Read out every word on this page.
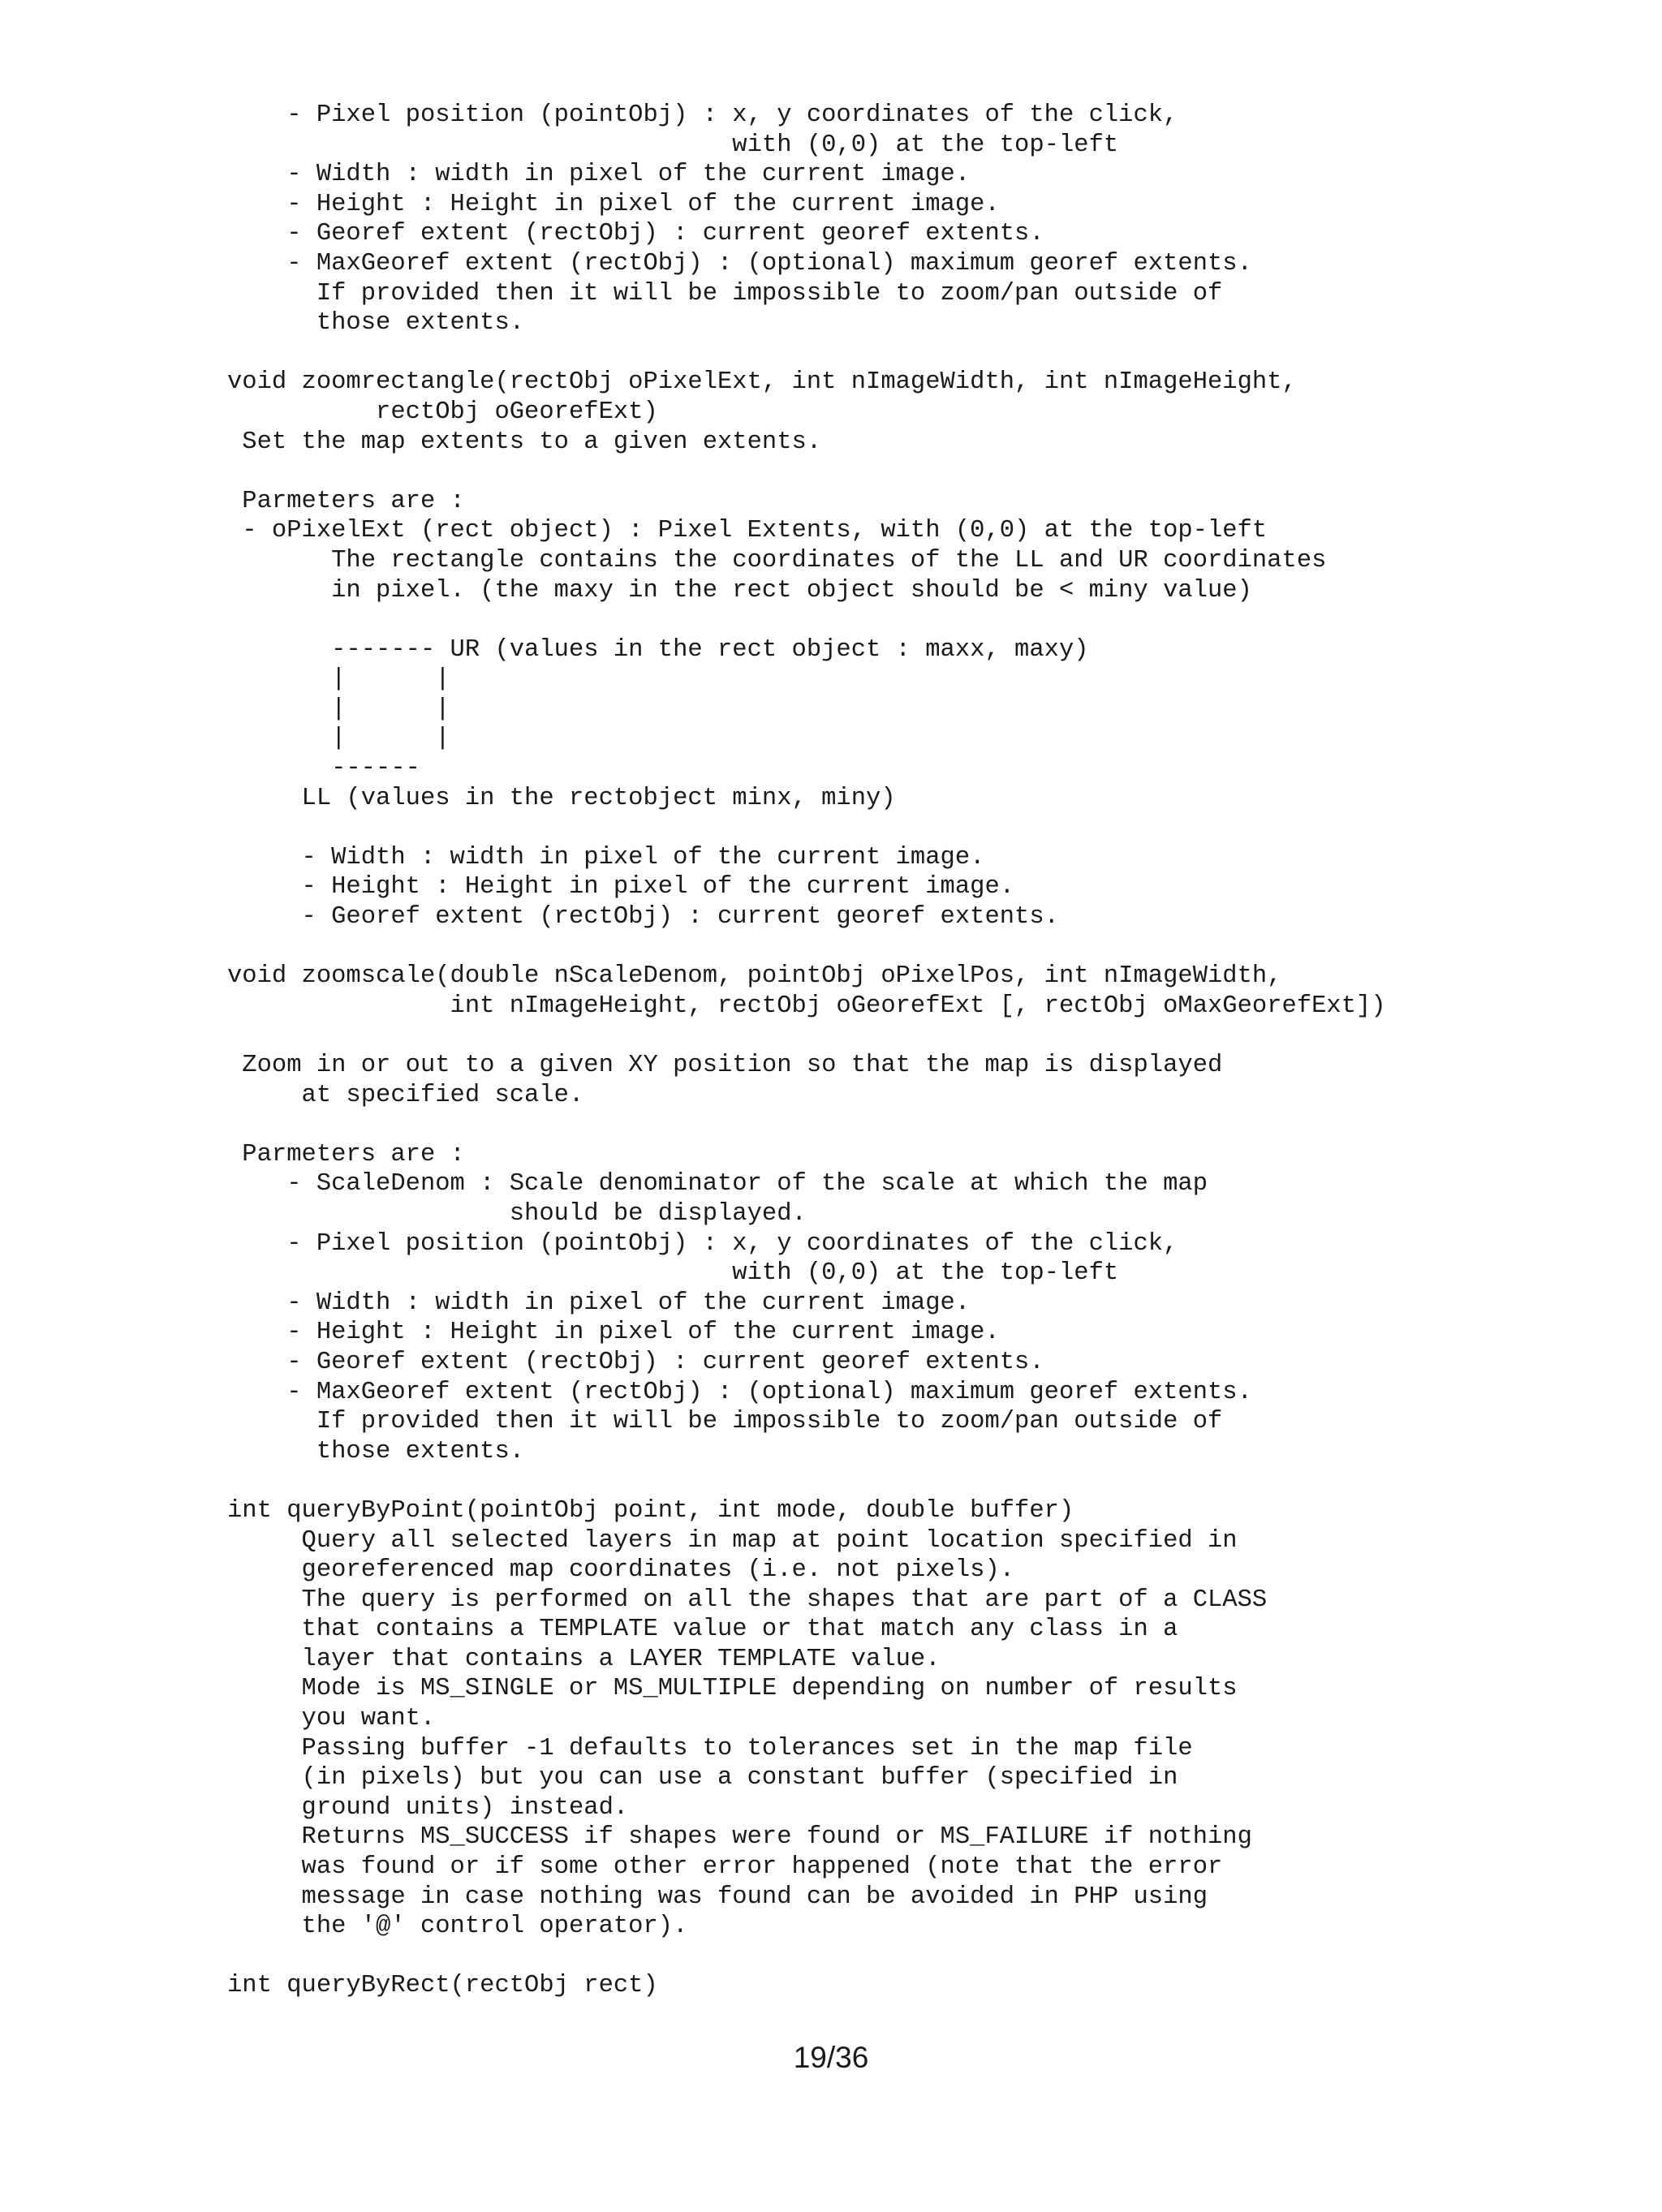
- Pixel position (pointObj) : x, y coordinates of the click,
with (0,0) at the top-left
- Width : width in pixel of the current image.
- Height : Height in pixel of the current image.
- Georef extent (rectObj) : current georef extents.
- MaxGeoref extent (rectObj) : (optional) maximum georef extents.
If provided then it will be impossible to zoom/pan outside of
those extents.

void zoomrectangle(rectObj oPixelExt, int nImageWidth, int nImageHeight,
rectObj oGeorefExt)
Set the map extents to a given extents.

Parmeters are :
- oPixelExt (rect object) : Pixel Extents, with (0,0) at the top-left
The rectangle contains the coordinates of the LL and UR coordinates
in pixel. (the maxy in the rect object should be < miny value)

------- UR (values in the rect object : maxx, maxy)
|      |
|      |
|      |
------
LL (values in the rectobject minx, miny)

- Width : width in pixel of the current image.
- Height : Height in pixel of the current image.
- Georef extent (rectObj) : current georef extents.

void zoomscale(double nScaleDenom, pointObj oPixelPos, int nImageWidth,
int nImageHeight, rectObj oGeorefExt [, rectObj oMaxGeorefExt])

Zoom in or out to a given XY position so that the map is displayed
at specified scale.

Parmeters are :
- ScaleDenom : Scale denominator of the scale at which the map
should be displayed.
- Pixel position (pointObj) : x, y coordinates of the click,
with (0,0) at the top-left
- Width : width in pixel of the current image.
- Height : Height in pixel of the current image.
- Georef extent (rectObj) : current georef extents.
- MaxGeoref extent (rectObj) : (optional) maximum georef extents.
If provided then it will be impossible to zoom/pan outside of
those extents.

int queryByPoint(pointObj point, int mode, double buffer)
Query all selected layers in map at point location specified in
georeferenced map coordinates (i.e. not pixels).
The query is performed on all the shapes that are part of a CLASS
that contains a TEMPLATE value or that match any class in a
layer that contains a LAYER TEMPLATE value.
Mode is MS_SINGLE or MS_MULTIPLE depending on number of results
you want.
Passing buffer -1 defaults to tolerances set in the map file
(in pixels) but you can use a constant buffer (specified in
ground units) instead.
Returns MS_SUCCESS if shapes were found or MS_FAILURE if nothing
was found or if some other error happened (note that the error
message in case nothing was found can be avoided in PHP using
the '@' control operator).

int queryByRect(rectObj rect)
19/36
